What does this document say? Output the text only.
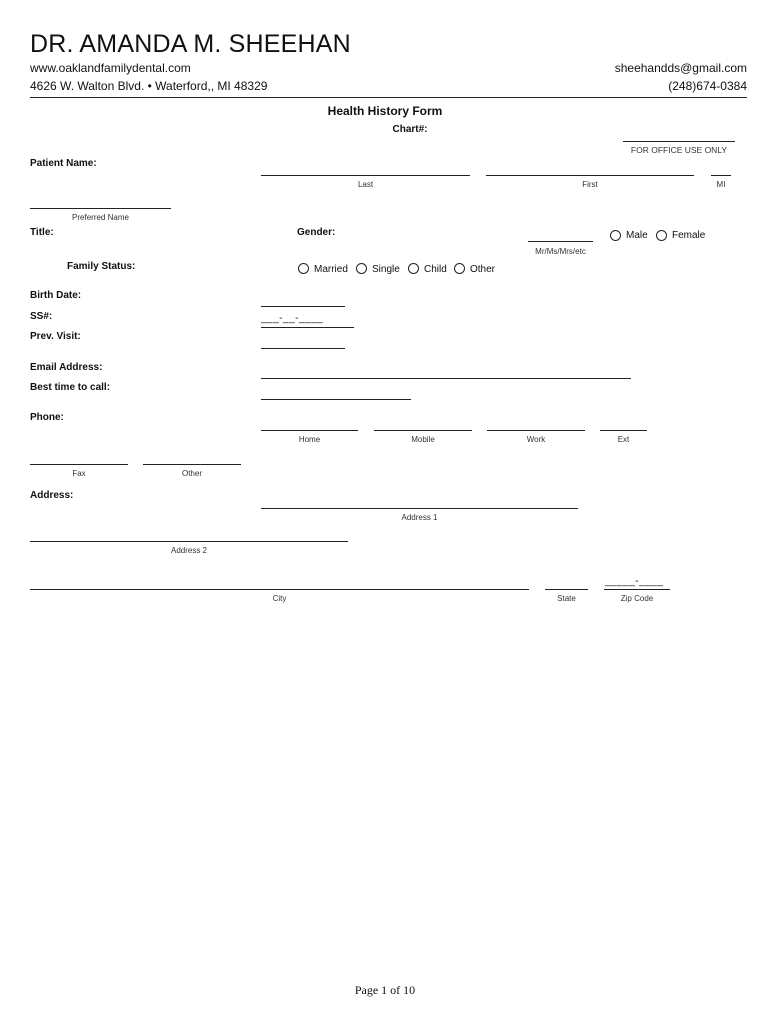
DR. AMANDA M. SHEEHAN
www.oaklandfamilydental.com	sheehandds@gmail.com
4626 W. Walton Blvd. • Waterford,, MI 48329	(248)674-0384
Health History Form
Chart#:
FOR OFFICE USE ONLY
Patient Name:
Last	First	MI
Preferred Name
Title:	Gender:
Mr/Ms/Mrs/etc
Male Female
Family Status:	Married Single Child Other
Birth Date:
SS#:	___-__-____
Prev. Visit:
Email Address:
Best time to call:
Phone:
Home	Mobile	Work	Ext
Fax	Other
Address:
Address 1
Address 2
City	State
_____-____
Zip Code
Page 1 of 10
